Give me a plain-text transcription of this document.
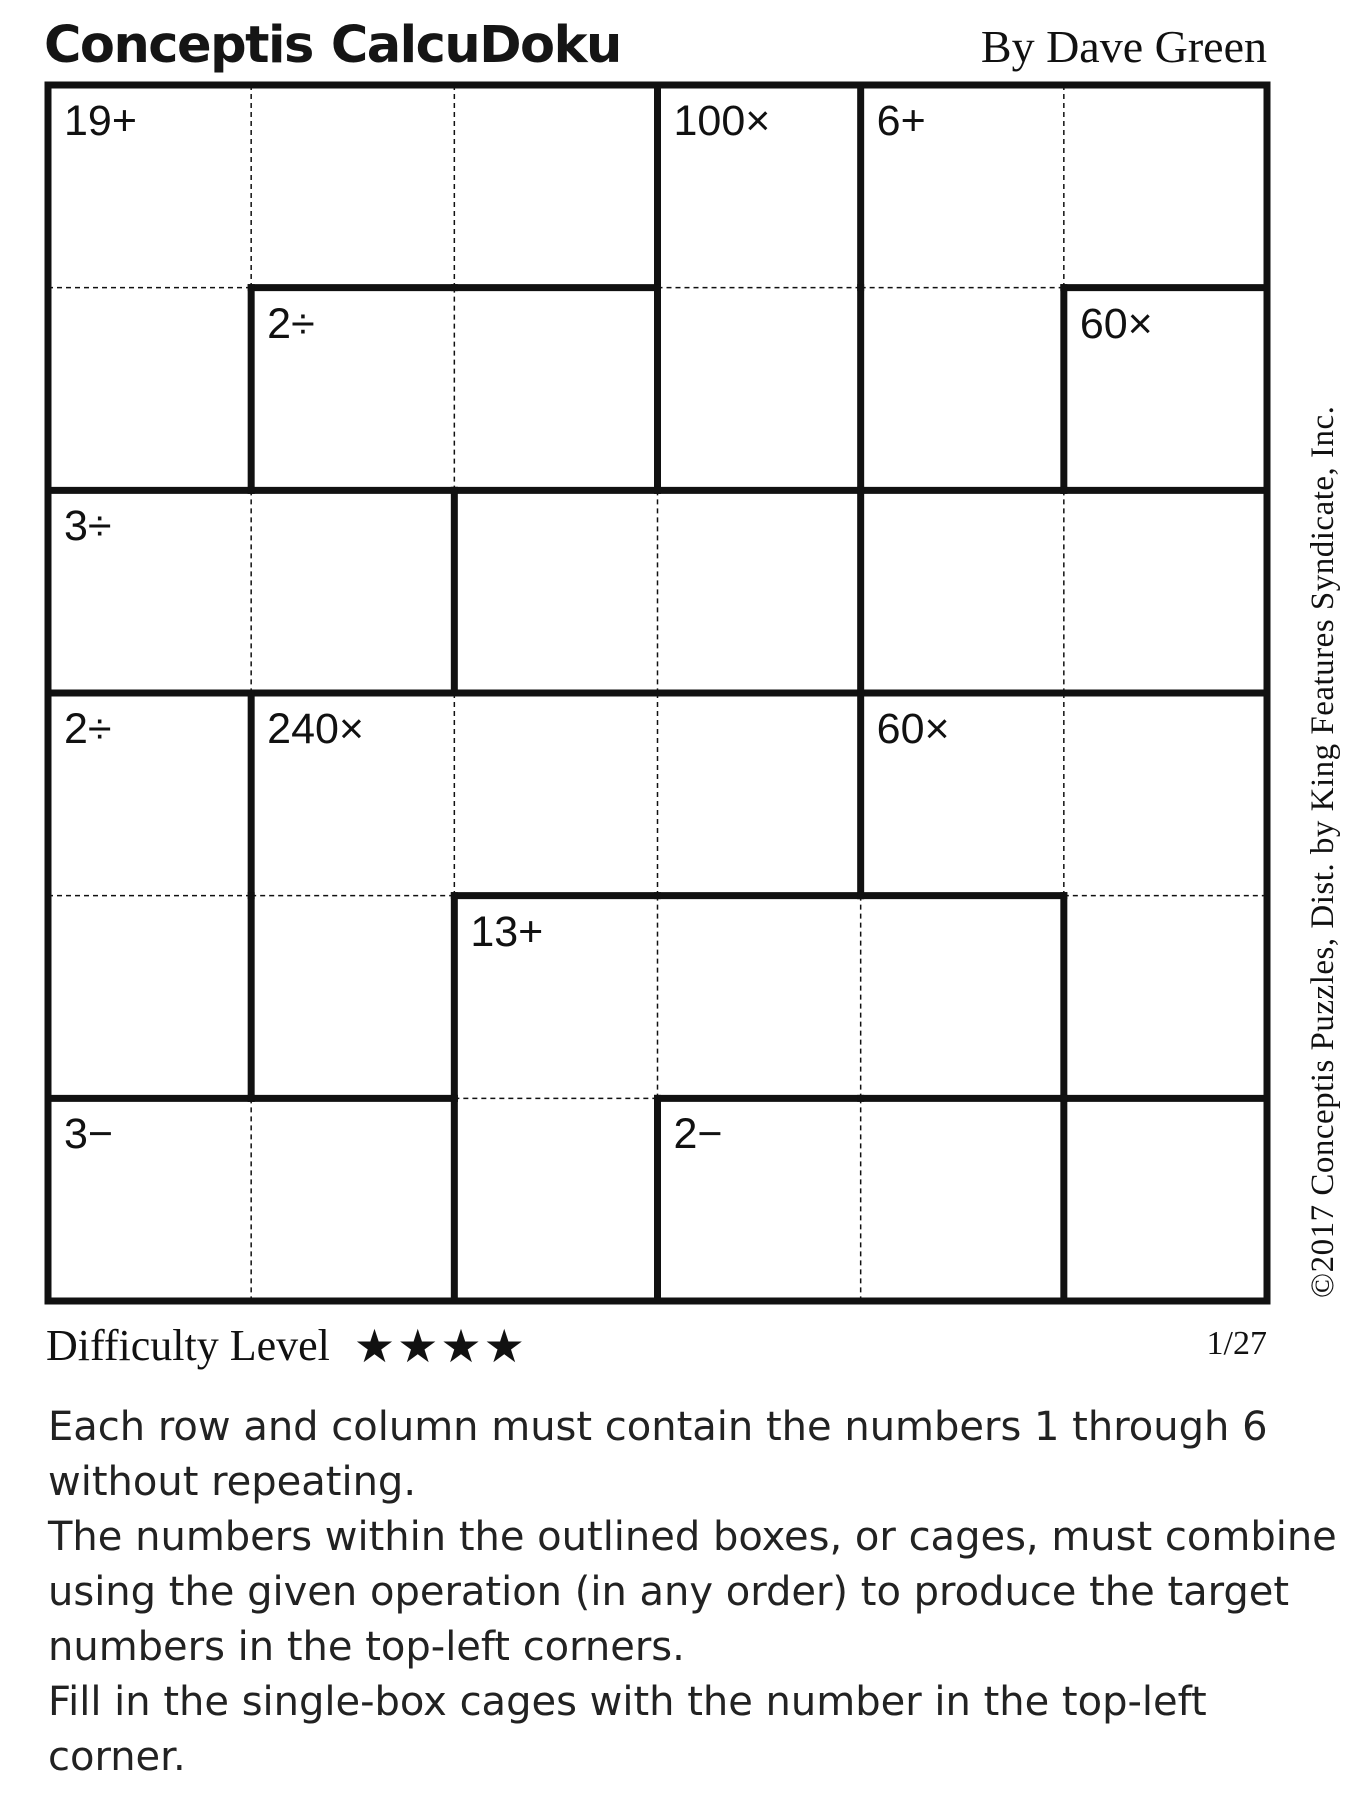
Conceptis CalcuDoku	By Dave Green
19+	100× 6+
2÷	60×
3÷
2÷	240×	60×
13+
3−	2−	©2017 Conceptis Puzzles, Dist. by King Features Syndicate, Inc.
Difficulty Level ★ ★ ★ ★	1/27

Each row and column must contain the numbers 1 through 6 without repeating.

The numbers within the outlined boxes, or cages, must combine using the given operation (in any order) to produce the target numbers in the top-left corners.

Fill in the single-box cages with the number in the top-left corner.
